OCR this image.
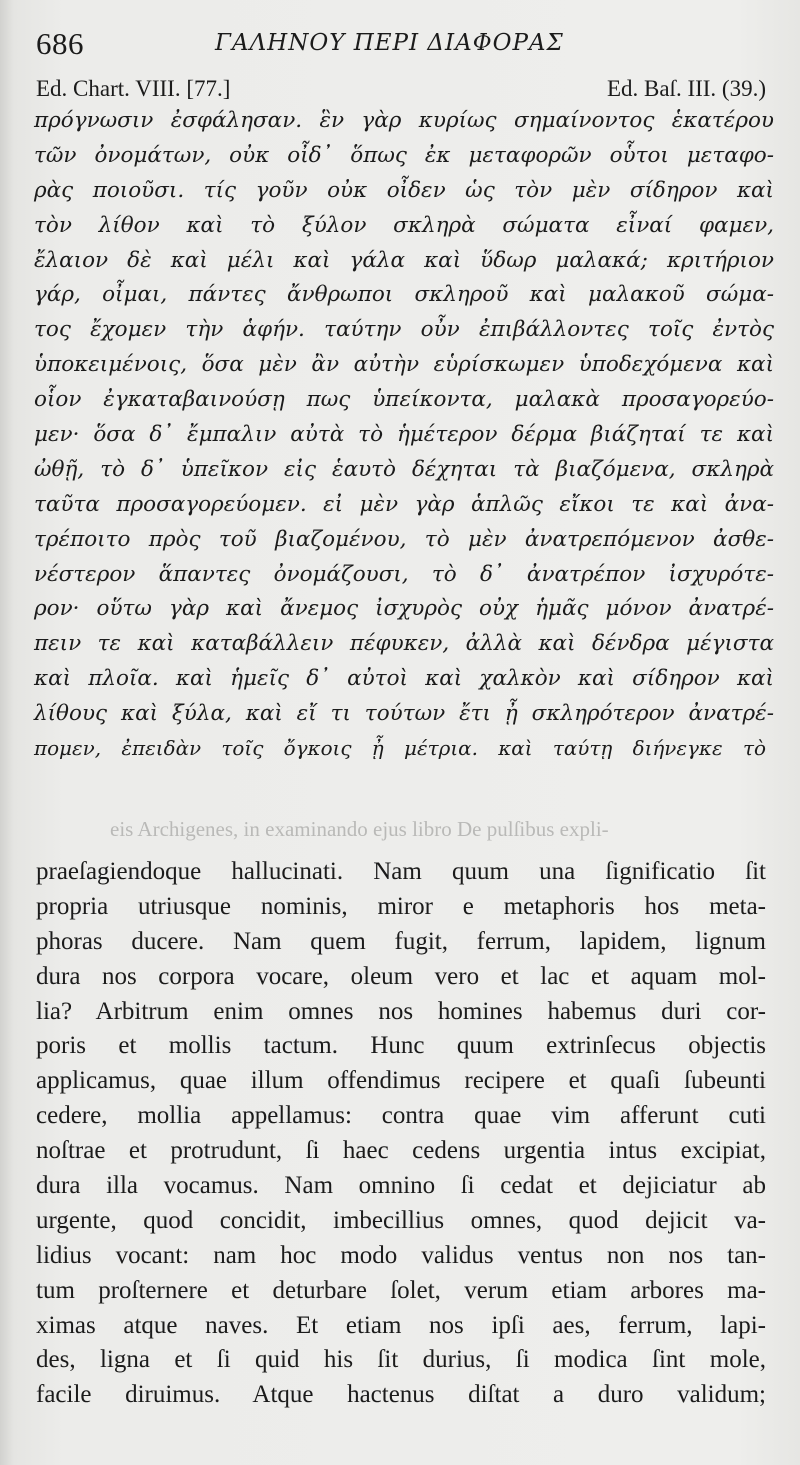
686	ΓΑΛΗΝΟΥ ΠΕΡΙ ΔΙΑΦΟΡΑΣ
Ed. Chart. VIII. [77.]	Ed. Baſ. III. (39.)
πρόγνωσιν ἐσφάλησαν. ἓν γὰρ κυρίως σημαίνοντος ἑκατέρου
τῶν ὀνομάτων, οὐκ οἶδ᾽ ὅπως ἐκ μεταφορῶν οὗτοι μεταφο-
ρὰς ποιοῦσι. τίς γοῦν οὐκ οἶδεν ὡς τὸν μὲν σίδηρον καὶ
τὸν λίθον καὶ τὸ ξύλον σκληρὰ σώματα εἶναί φαμεν,
ἔλαιον δὲ καὶ μέλι καὶ γάλα καὶ ὕδωρ μαλακά; κριτήριον
γάρ, οἶμαι, πάντες ἄνθρωποι σκληροῦ καὶ μαλακοῦ σώμα-
τος ἔχομεν τὴν ἁφήν. ταύτην οὖν ἐπιβάλλοντες τοῖς ἐντὸς
ὑποκειμένοις, ὅσα μὲν ἂν αὐτὴν εὑρίσκωμεν ὑποδεχόμενα καὶ
οἷον ἐγκαταβαινούσῃ πως ὑπείκοντα, μαλακὰ προσαγορεύο-
μεν· ὅσα δ᾽ ἔμπαλιν αὐτὰ τὸ ἡμέτερον δέρμα βιάζηταί τε καὶ
ὠθῇ, τὸ δ᾽ ὑπεῖκον εἰς ἑαυτὸ δέχηται τὰ βιαζόμενα, σκληρὰ
ταῦτα προσαγορεύομεν. εἰ μὲν γὰρ ἁπλῶς εἴκοι τε καὶ ἀνα-
τρέποιτο πρὸς τοῦ βιαζομένου, τὸ μὲν ἀνατρεπόμενον ἀσθε-
νέστερον ἅπαντες ὀνομάζουσι, τὸ δ᾽ ἀνατρέπον ἰσχυρότε-
ρον· οὕτω γὰρ καὶ ἄνεμος ἰσχυρὸς οὐχ ἡμᾶς μόνον ἀνατρέ-
πειν τε καὶ καταβάλλειν πέφυκεν, ἀλλὰ καὶ δένδρα μέγιστα
καὶ πλοῖα. καὶ ἡμεῖς δ᾽ αὐτοὶ καὶ χαλκὸν καὶ σίδηρον καὶ
λίθους καὶ ξύλα, καὶ εἴ τι τούτων ἔτι ᾖ σκληρότερον ἀνατρέ-
πομεν, ἐπειδὰν τοῖς ὄγκοις ᾖ μέτρια. καὶ ταύτῃ διήνεγκε τὸ
eis Archigenes, in examinando ejus libro De pulſibus expli-
praeſagiendoque hallucinati. Nam quum una ſignificatio ſit
propria utriusque nominis, miror e metaphoris hos meta-
phoras ducere. Nam quem fugit, ferrum, lapidem, lignum
dura nos corpora vocare, oleum vero et lac et aquam mol-
lia? Arbitrum enim omnes nos homines habemus duri cor-
poris et mollis tactum. Hunc quum extrinſecus objectis
applicamus, quae illum offendimus recipere et quaſi ſubeunti
cedere, mollia appellamus: contra quae vim afferunt cuti
noſtrae et protrudunt, ſi haec cedens urgentia intus excipiat,
dura illa vocamus. Nam omnino ſi cedat et dejiciatur ab
urgente, quod concidit, imbecillius omnes, quod dejicit va-
lidius vocant: nam hoc modo validus ventus non nos tan-
tum proſternere et deturbare ſolet, verum etiam arbores ma-
ximas atque naves. Et etiam nos ipſi aes, ferrum, lapi-
des, ligna et ſi quid his ſit durius, ſi modica ſint mole,
facile diruimus. Atque hactenus diſtat a duro validum;
